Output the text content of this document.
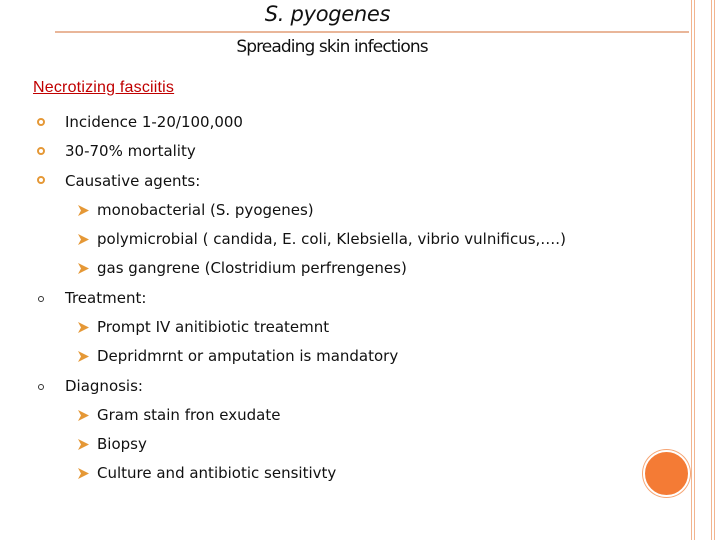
S. pyogenes
Spreading skin infections
Necrotizing fasciitis
Incidence 1-20/100,000
30-70% mortality
Causative agents:
monobacterial (S. pyogenes)
polymicrobial ( candida, E. coli, Klebsiella, vibrio vulnificus,….)
gas gangrene (Clostridium perfrengenes)
Treatment:
Prompt IV anitibiotic treatemnt
Depridmrnt or amputation is mandatory
Diagnosis:
Gram stain fron exudate
Biopsy
Culture and antibiotic sensitivty
